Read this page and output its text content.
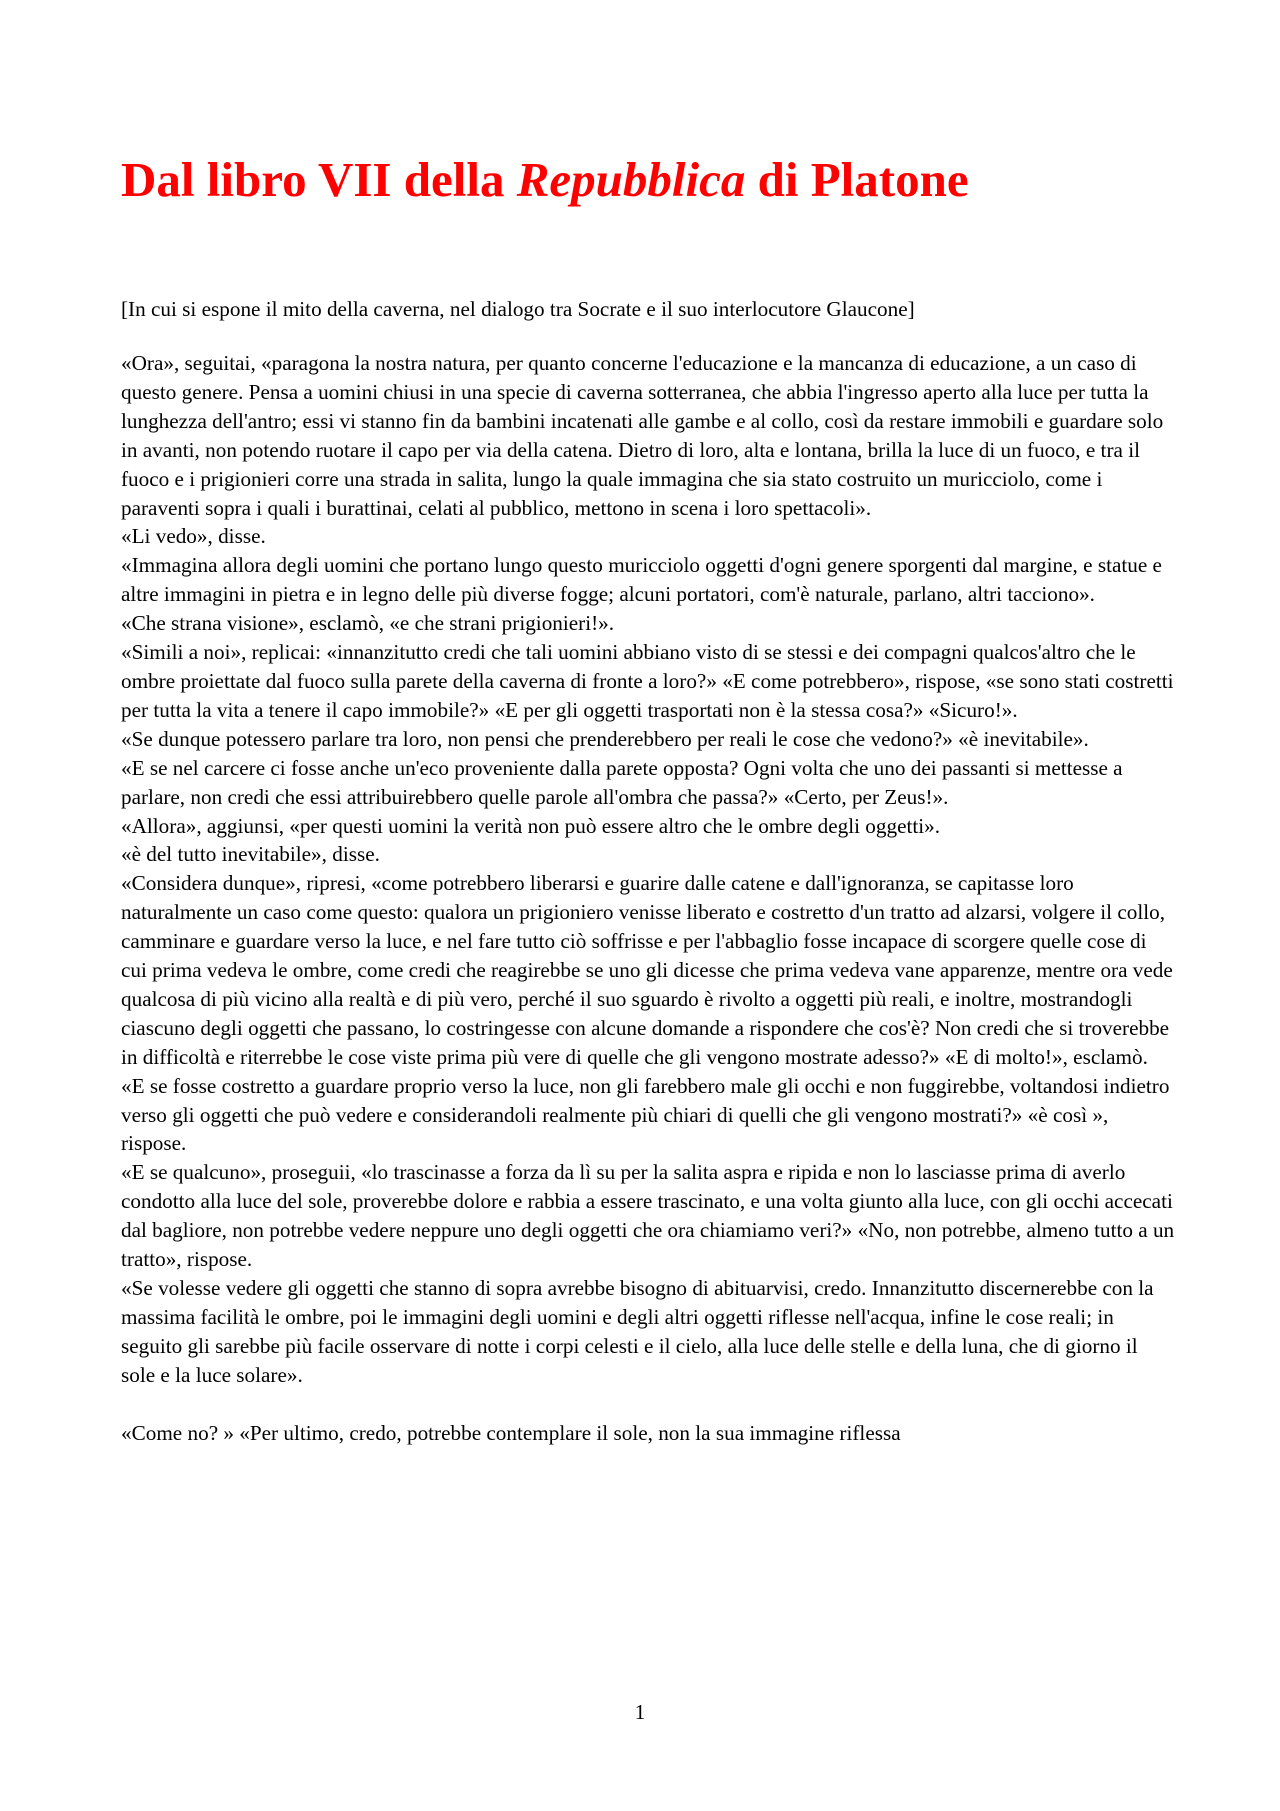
Dal libro VII della Repubblica di Platone

[In cui si espone il mito della caverna, nel dialogo tra Socrate e il suo interlocutore Glaucone]

«Ora», seguitai, «paragona la nostra natura, per quanto concerne l'educazione e la mancanza di educazione, a un caso di questo genere. Pensa a uomini chiusi in una specie di caverna sotterranea, che abbia l'ingresso aperto alla luce per tutta la lunghezza dell'antro; essi vi stanno fin da bambini incatenati alle gambe e al collo, così da restare immobili e guardare solo in avanti, non potendo ruotare il capo per via della catena. Dietro di loro, alta e lontana, brilla la luce di un fuoco, e tra il fuoco e i prigionieri corre una strada in salita, lungo la quale immagina che sia stato costruito un muricciolo, come i paraventi sopra i quali i burattinai, celati al pubblico, mettono in scena i loro spettacoli».

«Li vedo», disse.

«Immagina allora degli uomini che portano lungo questo muricciolo oggetti d'ogni genere sporgenti dal margine, e statue e altre immagini in pietra e in legno delle più diverse fogge; alcuni portatori, com'è naturale, parlano, altri tacciono».

«Che strana visione», esclamò, «e che strani prigionieri!».

«Simili a noi», replicai: «innanzitutto credi che tali uomini abbiano visto di se stessi e dei compagni qualcos'altro che le ombre proiettate dal fuoco sulla parete della caverna di fronte a loro?» «E come potrebbero», rispose, «se sono stati costretti per tutta la vita a tenere il capo immobile?» «E per gli oggetti trasportati non è la stessa cosa?» «Sicuro!».

«Se dunque potessero parlare tra loro, non pensi che prenderebbero per reali le cose che vedono?» «è inevitabile».

«E se nel carcere ci fosse anche un'eco proveniente dalla parete opposta? Ogni volta che uno dei passanti si mettesse a parlare, non credi che essi attribuirebbero quelle parole all'ombra che passa?» «Certo, per Zeus!».

«Allora», aggiunsi, «per questi uomini la verità non può essere altro che le ombre degli oggetti».

«è del tutto inevitabile», disse.

«Considera dunque», ripresi, «come potrebbero liberarsi e guarire dalle catene e dall'ignoranza, se capitasse loro naturalmente un caso come questo: qualora un prigioniero venisse liberato e costretto d'un tratto ad alzarsi, volgere il collo, camminare e guardare verso la luce, e nel fare tutto ciò soffrisse e per l'abbaglio fosse incapace di scorgere quelle cose di cui prima vedeva le ombre, come credi che reagirebbe se uno gli dicesse che prima vedeva vane apparenze, mentre ora vede qualcosa di più vicino alla realtà e di più vero, perché il suo sguardo è rivolto a oggetti più reali, e inoltre, mostrandogli ciascuno degli oggetti che passano, lo costringesse con alcune domande a rispondere che cos'è? Non credi che si troverebbe in difficoltà e riterrebbe le cose viste prima più vere di quelle che gli vengono mostrate adesso?» «E di molto!», esclamò.

«E se fosse costretto a guardare proprio verso la luce, non gli farebbero male gli occhi e non fuggirebbe, voltandosi indietro verso gli oggetti che può vedere e considerandoli realmente più chiari di quelli che gli vengono mostrati?» «è così », rispose.

«E se qualcuno», proseguii, «lo trascinasse a forza da lì su per la salita aspra e ripida e non lo lasciasse prima di averlo condotto alla luce del sole, proverebbe dolore e rabbia a essere trascinato, e una volta giunto alla luce, con gli occhi accecati dal bagliore, non potrebbe vedere neppure uno degli oggetti che ora chiamiamo veri?» «No, non potrebbe, almeno tutto a un tratto», rispose.

«Se volesse vedere gli oggetti che stanno di sopra avrebbe bisogno di abituarvisi, credo. Innanzitutto discernerebbe con la massima facilità le ombre, poi le immagini degli uomini e degli altri oggetti riflesse nell'acqua, infine le cose reali; in seguito gli sarebbe più facile osservare di notte i corpi celesti e il cielo, alla luce delle stelle e della luna, che di giorno il sole e la luce solare».

«Come no? » «Per ultimo, credo, potrebbe contemplare il sole, non la sua immagine riflessa

1
